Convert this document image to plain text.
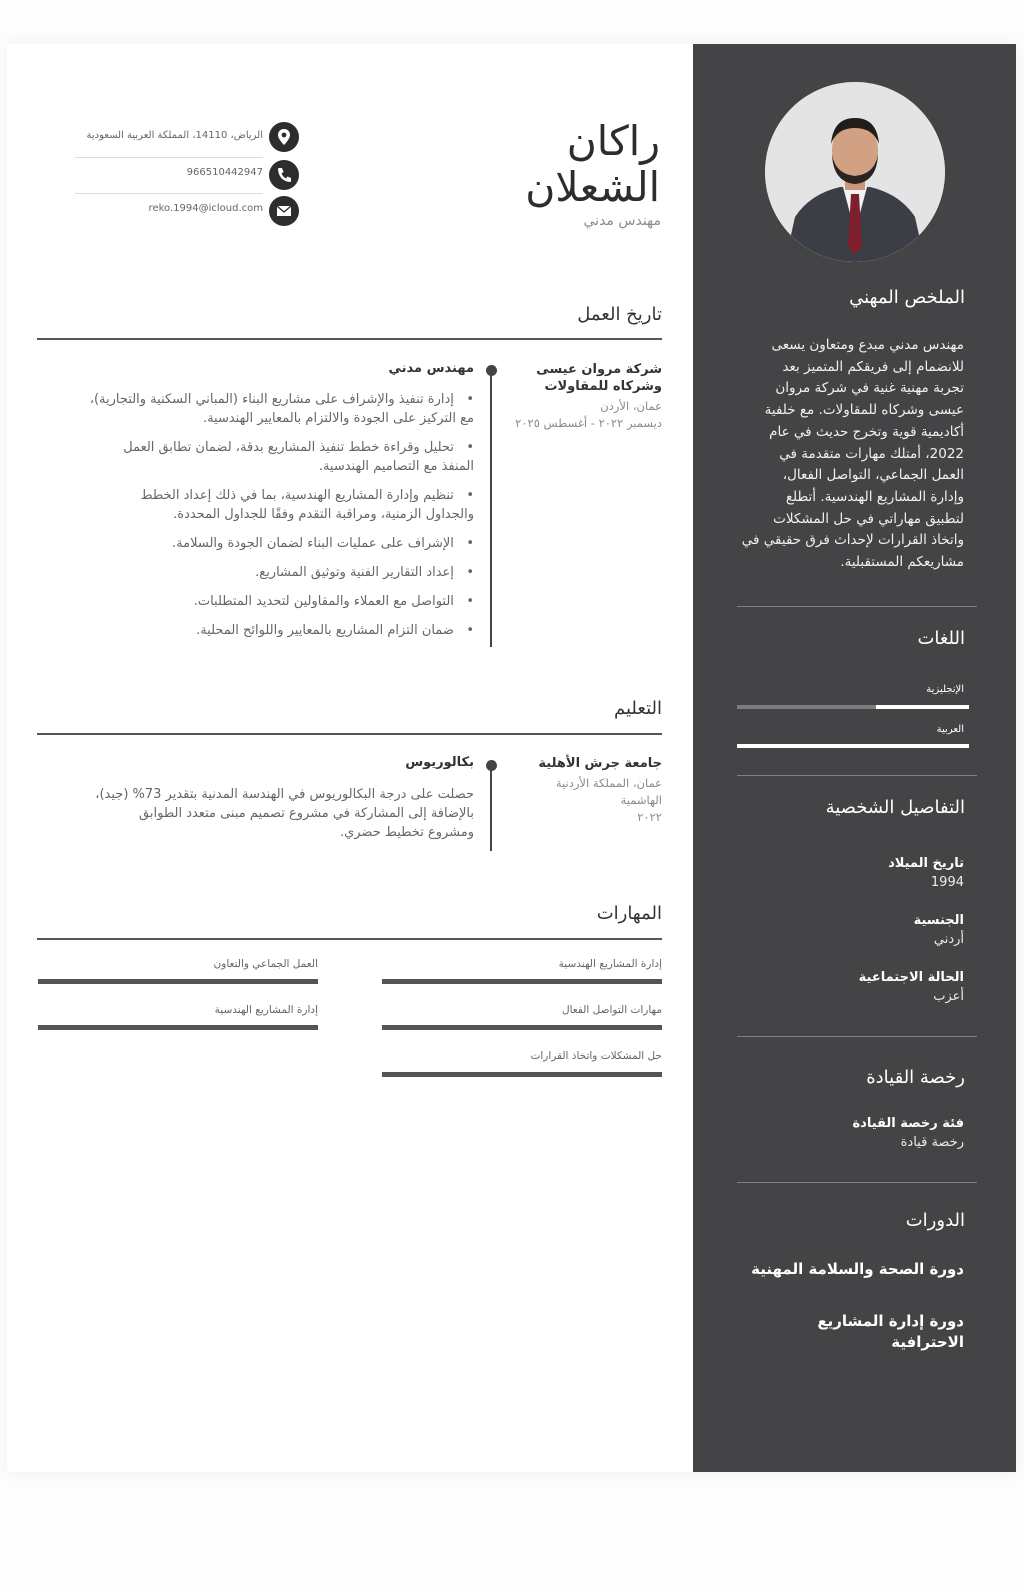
الملخص المهني
مهندس مدني مبدع ومتعاون يسعى
للانضمام إلى فريقكم المتميز بعد
تجربة مهنية غنية في شركة مروان
عيسى وشركاه للمقاولات. مع خلفية
أكاديمية قوية وتخرج حديث في عام
2022، أمتلك مهارات متقدمة في
العمل الجماعي، التواصل الفعال،
وإدارة المشاريع الهندسية. أتطلع
لتطبيق مهاراتي في حل المشكلات
واتخاذ القرارات لإحداث فرق حقيقي في
مشاريعكم المستقبلية.
اللغات
الإنجليزية
العربية
التفاصيل الشخصية
تاريخ الميلاد
1994
الجنسية
أردني
الحالة الاجتماعية
أعزب
رخصة القيادة
فئة رخصة القيادة
رخصة قيادة
الدورات
دورة الصحة والسلامة المهنية
دورة إدارة المشاريع
الاحترافية
راكان
الشعلان
مهندس مدني
الرياض، 14110، المملكة العربية السعودية
966510442947
reko.1994@icloud.com
تاريخ العمل
شركة مروان عيسى
وشركاه للمقاولات
عمان، الأردن
ديسمبر ٢٠٢٢ - أغسطس ٢٠٢٥
مهندس مدني
•   إدارة تنفيذ والإشراف على مشاريع البناء (المباني السكنية والتجارية)،
مع التركيز على الجودة والالتزام بالمعايير الهندسية.
•   تحليل وقراءة خطط تنفيذ المشاريع بدقة، لضمان تطابق العمل
المنفذ مع التصاميم الهندسية.
•   تنظيم وإدارة المشاريع الهندسية، بما في ذلك إعداد الخطط
والجداول الزمنية، ومراقبة التقدم وفقًا للجداول المحددة.
•   الإشراف على عمليات البناء لضمان الجودة والسلامة.
•   إعداد التقارير الفنية وتوثيق المشاريع.
•   التواصل مع العملاء والمقاولين لتحديد المتطلبات.
•   ضمان التزام المشاريع بالمعايير واللوائح المحلية.
التعليم
جامعة جرش الأهلية
عمان، المملكة الأردنية
الهاشمية
٢٠٢٢
بكالوريوس
حصلت على درجة البكالوريوس في الهندسة المدنية بتقدير 73% (جيد)،
بالإضافة إلى المشاركة في مشروع تصميم مبنى متعدد الطوابق
ومشروع تخطيط حضري.
المهارات
إدارة المشاريع الهندسية
العمل الجماعي والتعاون
مهارات التواصل الفعال
إدارة المشاريع الهندسية
حل المشكلات واتخاذ القرارات
